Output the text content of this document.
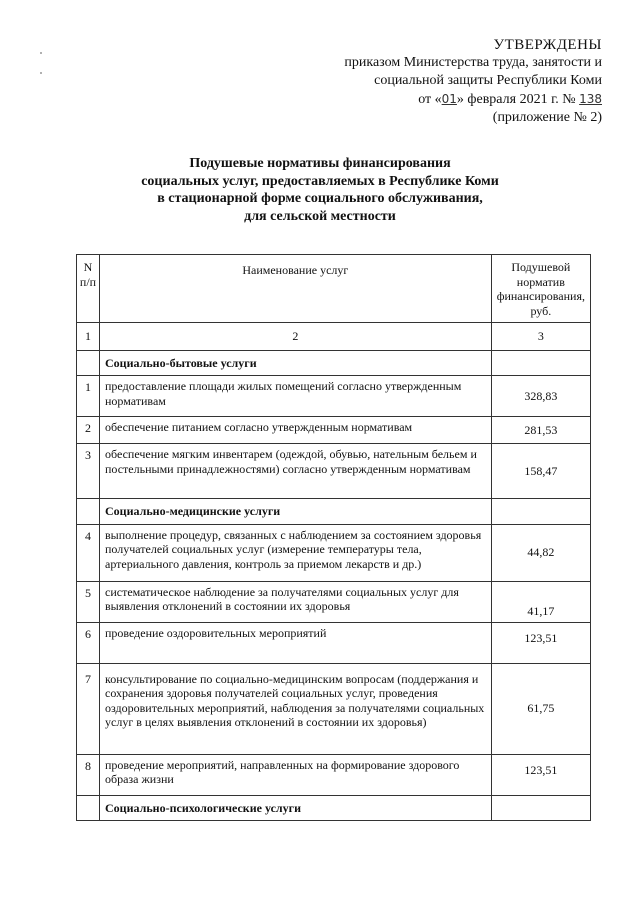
УТВЕРЖДЕНЫ
приказом Министерства труда, занятости и
социальной защиты Республики Коми
от «01» февраля 2021 г. № 138
(приложение № 2)
Подушевые нормативы финансирования
социальных услуг, предоставляемых в Республике Коми
в стационарной форме социального обслуживания,
для сельской местности
N п/п	Наименование услуг	Подушевой норматив финансирования, руб.
1	2	3
	Социально-бытовые услуги	
1	предоставление площади жилых помещений согласно утвержденным нормативам	328,83
2	обеспечение питанием согласно утвержденным нормативам	281,53
3	обеспечение мягким инвентарем (одеждой, обувью, нательным бельем и постельными принадлежностями) согласно утвержденным нормативам	158,47
	Социально-медицинские услуги	
4	выполнение процедур, связанных с наблюдением за состоянием здоровья получателей социальных услуг (измерение температуры тела, артериального давления, контроль за приемом лекарств и др.)	44,82
5	систематическое наблюдение за получателями социальных услуг для выявления отклонений в состоянии их здоровья	41,17
6	проведение оздоровительных мероприятий	123,51
7	консультирование по социально-медицинским вопросам (поддержания и сохранения здоровья получателей социальных услуг, проведения оздоровительных мероприятий, наблюдения за получателями социальных услуг в целях выявления отклонений в состоянии их здоровья)	61,75
8	проведение мероприятий, направленных на формирование здорового образа жизни	123,51
	Социально-психологические услуги	
